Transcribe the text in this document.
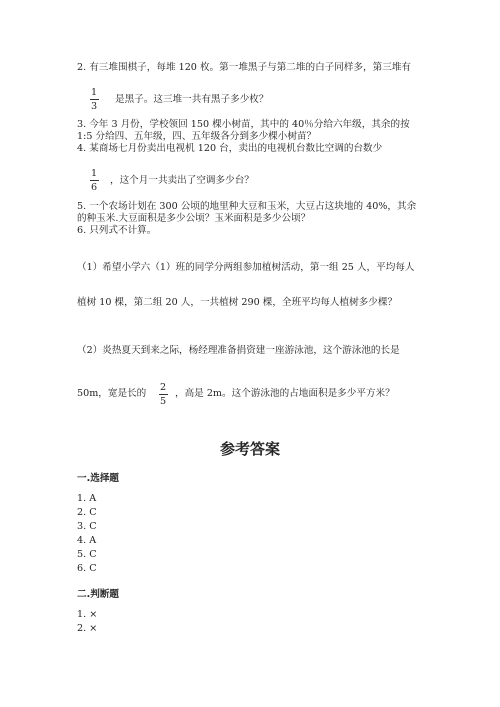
2. 有三堆围棋子，每堆 120 枚。第一堆黑子与第二堆的白子同样多，第三堆有
1
3
是黑子。这三堆一共有黑子多少枚？
3. 今年 3 月份，学校领回 150 棵小树苗，其中的 40％分给六年级，其余的按
1:5 分给四、五年级，四、五年级各分到多少棵小树苗？
4. 某商场七月份卖出电视机 120 台，卖出的电视机台数比空调的台数少
1
6
，这个月一共卖出了空调多少台？
5. 一个农场计划在 300 公顷的地里种大豆和玉米，大豆占这块地的 40%，其余
的种玉米.大豆面积是多少公顷？玉米面积是多少公顷？
6. 只列式不计算。
（1）希望小学六（1）班的同学分两组参加植树活动，第一组 25 人，平均每人
植树 10 棵，第二组 20 人，一共植树 290 棵，全班平均每人植树多少棵？
（2）炎热夏天到来之际，杨经理准备捐资建一座游泳池，这个游泳池的长是
50m，宽是长的
2
5
，高是 2m。这个游泳池的占地面积是多少平方米？
参考答案
一.选择题
1. A
2. C
3. C
4. A
5. C
6. C
二.判断题
1. ×
2. ×
